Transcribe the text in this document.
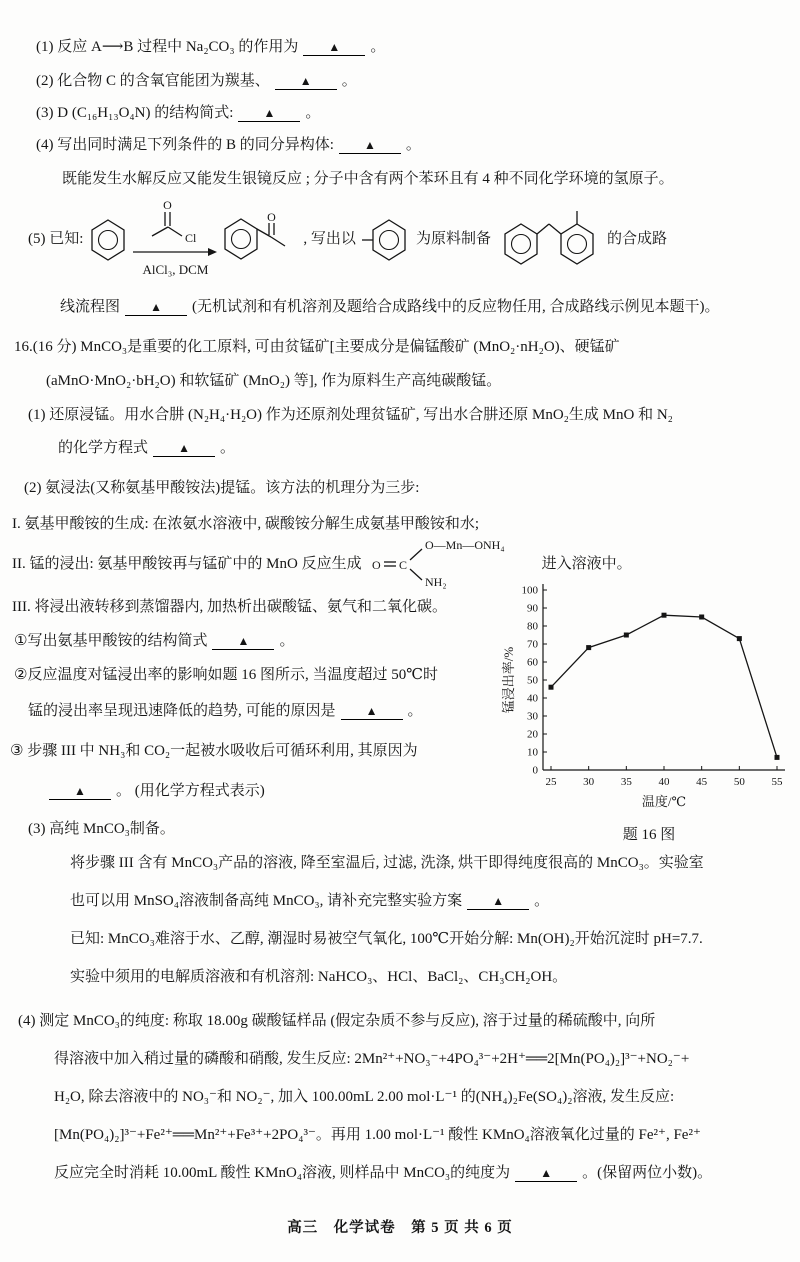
(1) 反应 A⟶B 过程中 Na₂CO₃ 的作用为	▲ 。
(2) 化合物 C 的含氧官能团为羰基、	▲ 。
(3) D (C₁₆H₁₃O₄N) 的结构简式:	▲ 。
(4) 写出同时满足下列条件的 B 的同分异构体:	▲ 。
既能发生水解反应又能发生银镜反应 ; 分子中含有两个苯环且有 4 种不同化学环境的氢原子。
(5) 已知:
O
Cl
AlCl₃, DCM
O
, 写出以	为原料制备	的合成路
线流程图	▲ (无机试剂和有机溶剂及题给合成路线中的反应物任用, 合成路线示例见本题干)。
16.(16 分) MnCO₃是重要的化工原料, 可由贫锰矿[主要成分是偏锰酸矿 (MnO₂·nH₂O)、硬锰矿
(aMnO·MnO₂·bH₂O) 和软锰矿 (MnO₂) 等], 作为原料生产高纯碳酸锰。
(1) 还原浸锰。用水合肼 (N₂H₄·H₂O) 作为还原剂处理贫锰矿, 写出水合肼还原 MnO₂生成 MnO 和 N₂
的化学方程式	▲ 。
(2) 氨浸法(又称氨基甲酸铵法)提锰。该方法的机理分为三步:
I. 氨基甲酸铵的生成: 在浓氨水溶液中, 碳酸铵分解生成氨基甲酸铵和水;
II. 锰的浸出: 氨基甲酸铵再与锰矿中的 MnO 反应生成 O C
O—Mn—ONH₄
NH₂
进入溶液中。
III. 将浸出液转移到蒸馏器内, 加热析出碳酸锰、氨气和二氧化碳。
①写出氨基甲酸铵的结构简式	▲ 。
②反应温度对锰浸出率的影响如题 16 图所示, 当温度超过 50℃时
锰的浸出率呈现迅速降低的趋势, 可能的原因是	▲ 。
③ 步骤 III 中 NH₃和 CO₂一起被水吸收后可循环利用, 其原因为
▲ 。 (用化学方程式表示)
0
10
20
30
40
50
60
70
80
90
100
25 30 35 40 45 50 55
温度/℃
锰浸出率/%
题 16 图
(3) 高纯 MnCO₃制备。
将步骤 III 含有 MnCO₃产品的溶液, 降至室温后, 过滤, 洗涤, 烘干即得纯度很高的 MnCO₃。实验室
也可以用 MnSO₄溶液制备高纯 MnCO₃, 请补充完整实验方案	▲ 。
已知: MnCO₃难溶于水、乙醇, 潮湿时易被空气氧化, 100℃开始分解: Mn(OH)₂开始沉淀时 pH=7.7.
实验中须用的电解质溶液和有机溶剂: NaHCO₃、HCl、BaCl₂、CH₃CH₂OH。
(4) 测定 MnCO₃的纯度: 称取 18.00g 碳酸锰样品 (假定杂质不参与反应), 溶于过量的稀硫酸中, 向所
得溶液中加入稍过量的磷酸和硝酸, 发生反应: 2Mn²⁺+NO₃⁻+4PO₄³⁻+2H⁺══2[Mn(PO₄)₂]³⁻+NO₂⁻+
H₂O, 除去溶液中的 NO₃⁻和 NO₂⁻, 加入 100.00mL 2.00 mol·L⁻¹ 的(NH₄)₂Fe(SO₄)₂溶液, 发生反应:
[Mn(PO₄)₂]³⁻+Fe²⁺══Mn²⁺+Fe³⁺+2PO₄³⁻。再用 1.00 mol·L⁻¹ 酸性 KMnO₄溶液氧化过量的 Fe²⁺, Fe²⁺
反应完全时消耗 10.00mL 酸性 KMnO₄溶液, 则样品中 MnCO₃的纯度为	▲ 。(保留两位小数)。
高三　化学试卷　第 5 页 共 6 页
